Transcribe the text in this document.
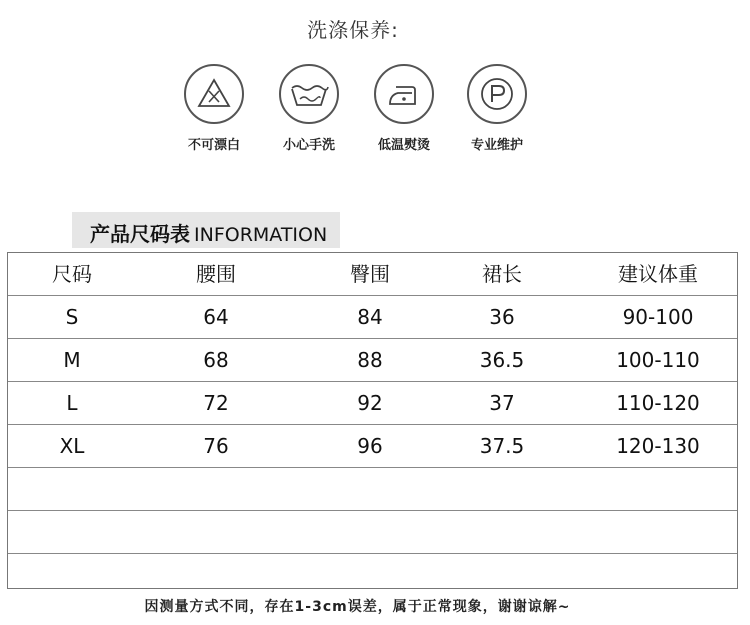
洗涤保养:
不可漂白	小心手洗	低温熨烫	专业维护
产品尺码表 INFORMATION
尺码	腰围	臀围	裙长	建议体重
S	64	84	36	90-100
M	68	88	36.5	100-110
L	72	92	37	110-120
XL	76	96	37.5	120-130
因测量方式不同，存在1-3cm误差，属于正常现象，谢谢谅解~
